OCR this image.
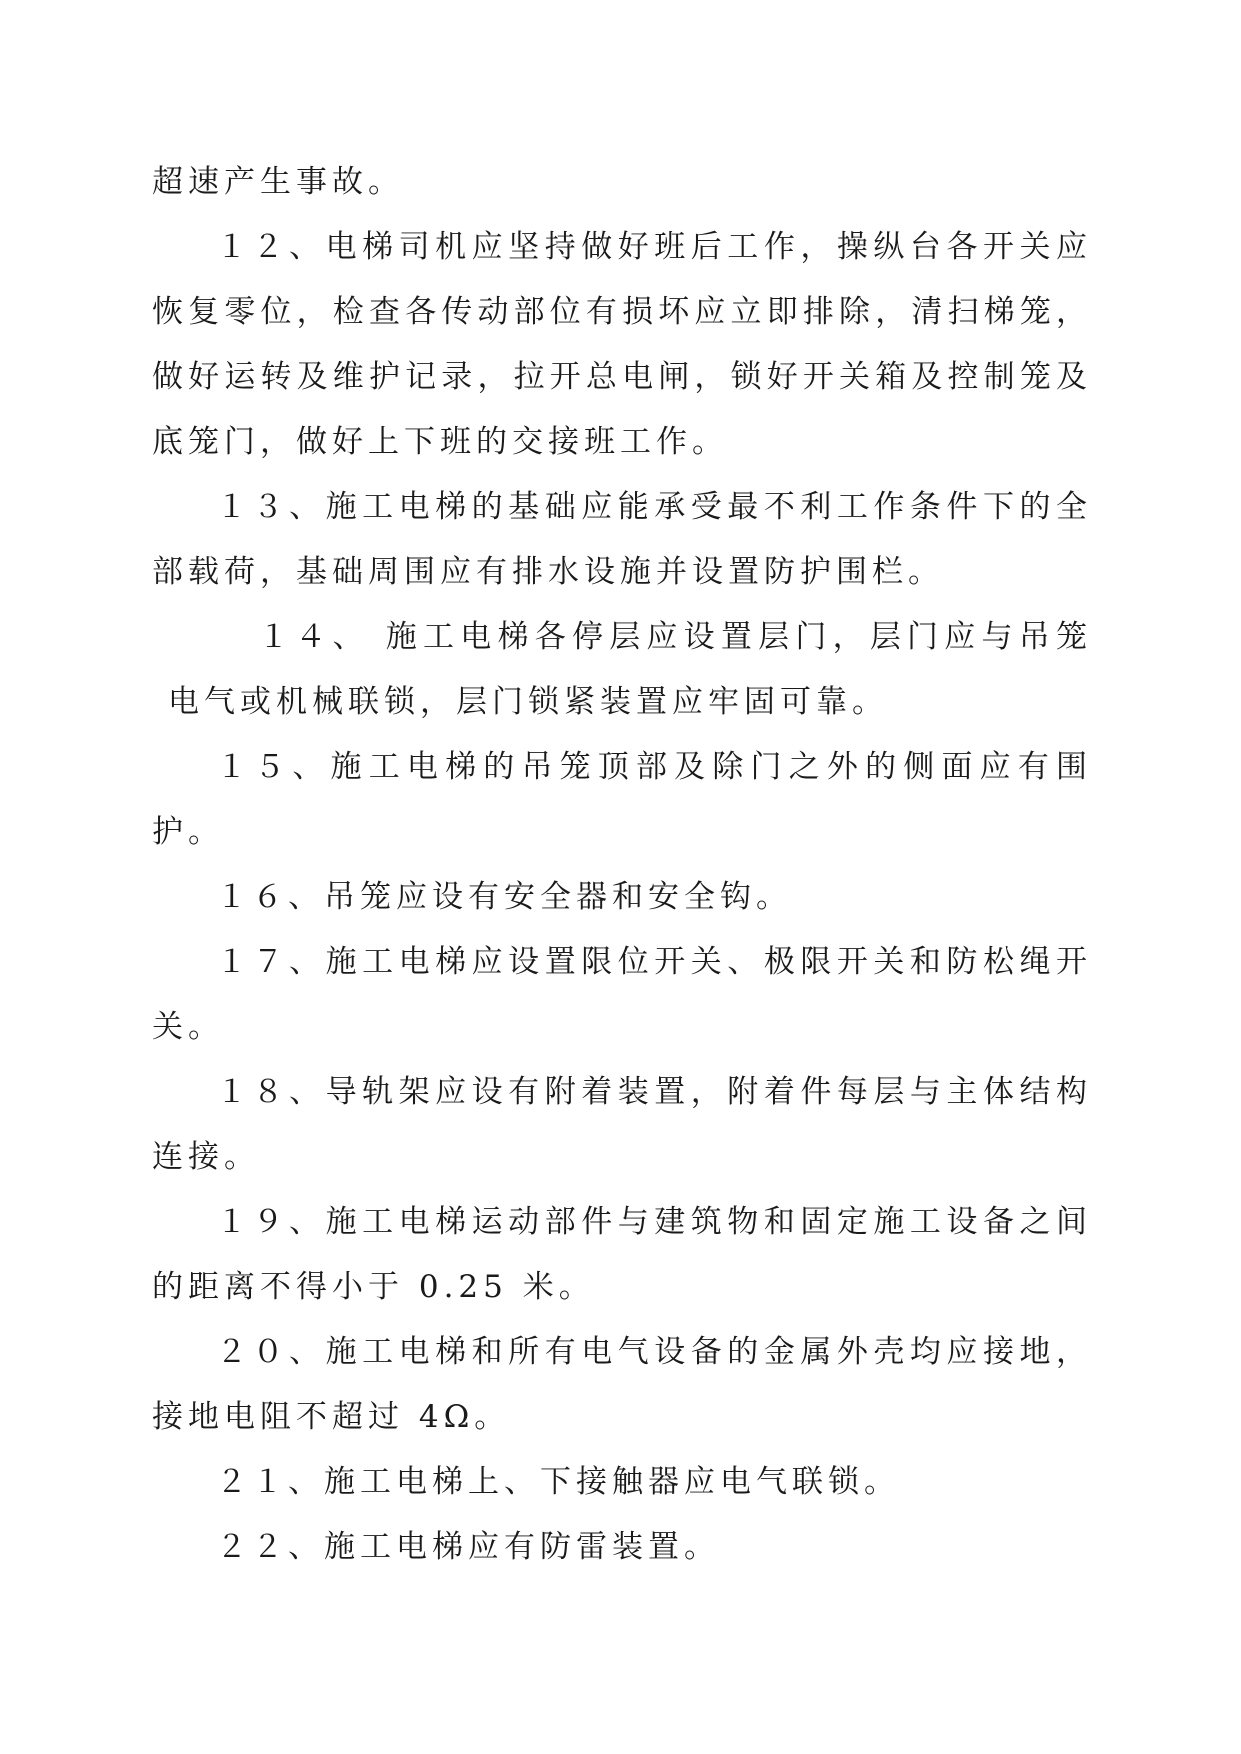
超速产生事故。

１２、电梯司机应坚持做好班后工作，操纵台各开关应恢复零位，检查各传动部位有损坏应立即排除，清扫梯笼，做好运转及维护记录，拉开总电闸，锁好开关箱及控制笼及底笼门，做好上下班的交接班工作。

１３、施工电梯的基础应能承受最不利工作条件下的全部载荷，基础周围应有排水设施并设置防护围栏。

１４、 施工电梯各停层应设置层门，层门应与吊笼电气或机械联锁，层门锁紧装置应牢固可靠。

１５、施工电梯的吊笼顶部及除门之外的侧面应有围护。

１６、吊笼应设有安全器和安全钩。

１７、施工电梯应设置限位开关、极限开关和防松绳开关。

１８、导轨架应设有附着装置，附着件每层与主体结构连接。

１９、施工电梯运动部件与建筑物和固定施工设备之间的距离不得小于 0.25 米。

２０、施工电梯和所有电气设备的金属外壳均应接地，接地电阻不超过 4Ω。

２１、施工电梯上、下接触器应电气联锁。

２２、施工电梯应有防雷装置。
